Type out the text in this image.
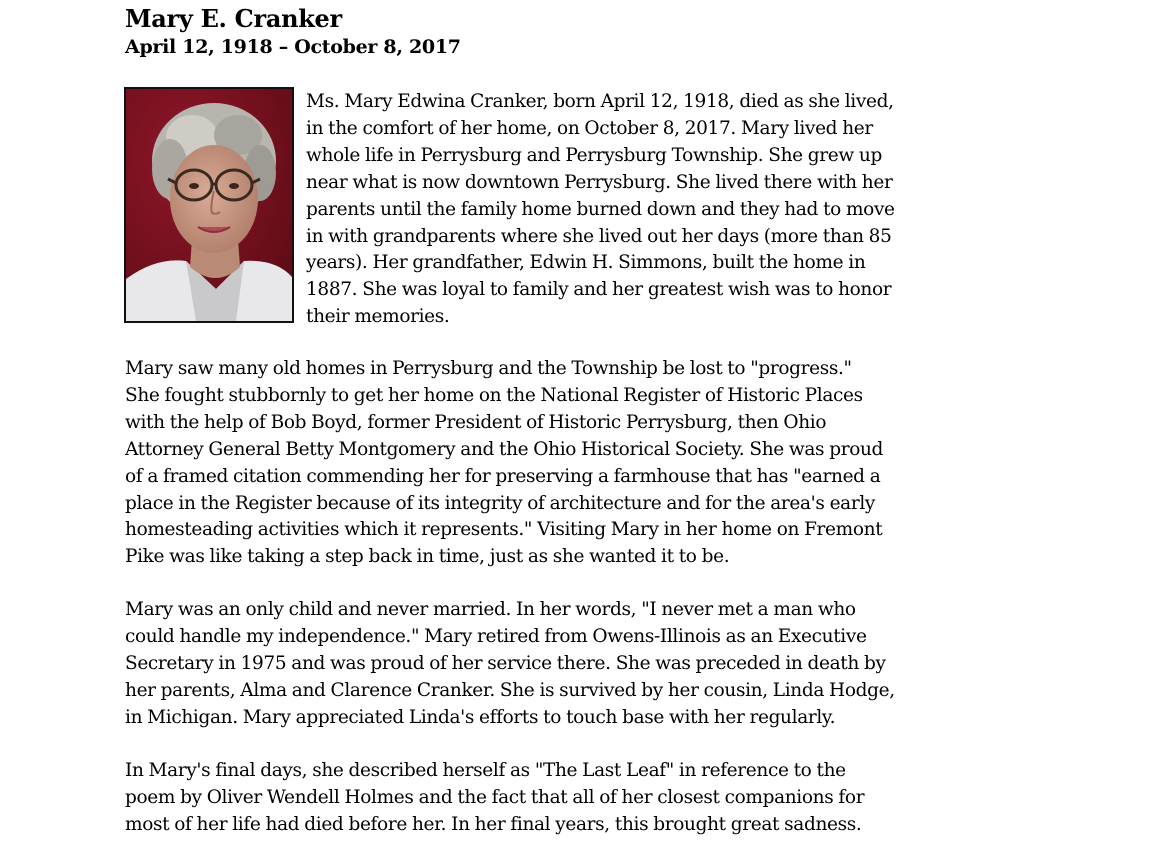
Mary E. Cranker
April 12, 1918 – October 8, 2017
Ms. Mary Edwina Cranker, born April 12, 1918, died as she lived,
in the comfort of her home, on October 8, 2017. Mary lived her
whole life in Perrysburg and Perrysburg Township. She grew up
near what is now downtown Perrysburg. She lived there with her
parents until the family home burned down and they had to move
in with grandparents where she lived out her days (more than 85
years). Her grandfather, Edwin H. Simmons, built the home in
1887. She was loyal to family and her greatest wish was to honor
their memories.
Mary saw many old homes in Perrysburg and the Township be lost to "progress."
She fought stubbornly to get her home on the National Register of Historic Places
with the help of Bob Boyd, former President of Historic Perrysburg, then Ohio
Attorney General Betty Montgomery and the Ohio Historical Society. She was proud
of a framed citation commending her for preserving a farmhouse that has "earned a
place in the Register because of its integrity of architecture and for the area's early
homesteading activities which it represents." Visiting Mary in her home on Fremont
Pike was like taking a step back in time, just as she wanted it to be.
Mary was an only child and never married. In her words, "I never met a man who
could handle my independence." Mary retired from Owens-Illinois as an Executive
Secretary in 1975 and was proud of her service there. She was preceded in death by
her parents, Alma and Clarence Cranker. She is survived by her cousin, Linda Hodge,
in Michigan. Mary appreciated Linda's efforts to touch base with her regularly.
In Mary's final days, she described herself as "The Last Leaf" in reference to the
poem by Oliver Wendell Holmes and the fact that all of her closest companions for
most of her life had died before her. In her final years, this brought great sadness.
